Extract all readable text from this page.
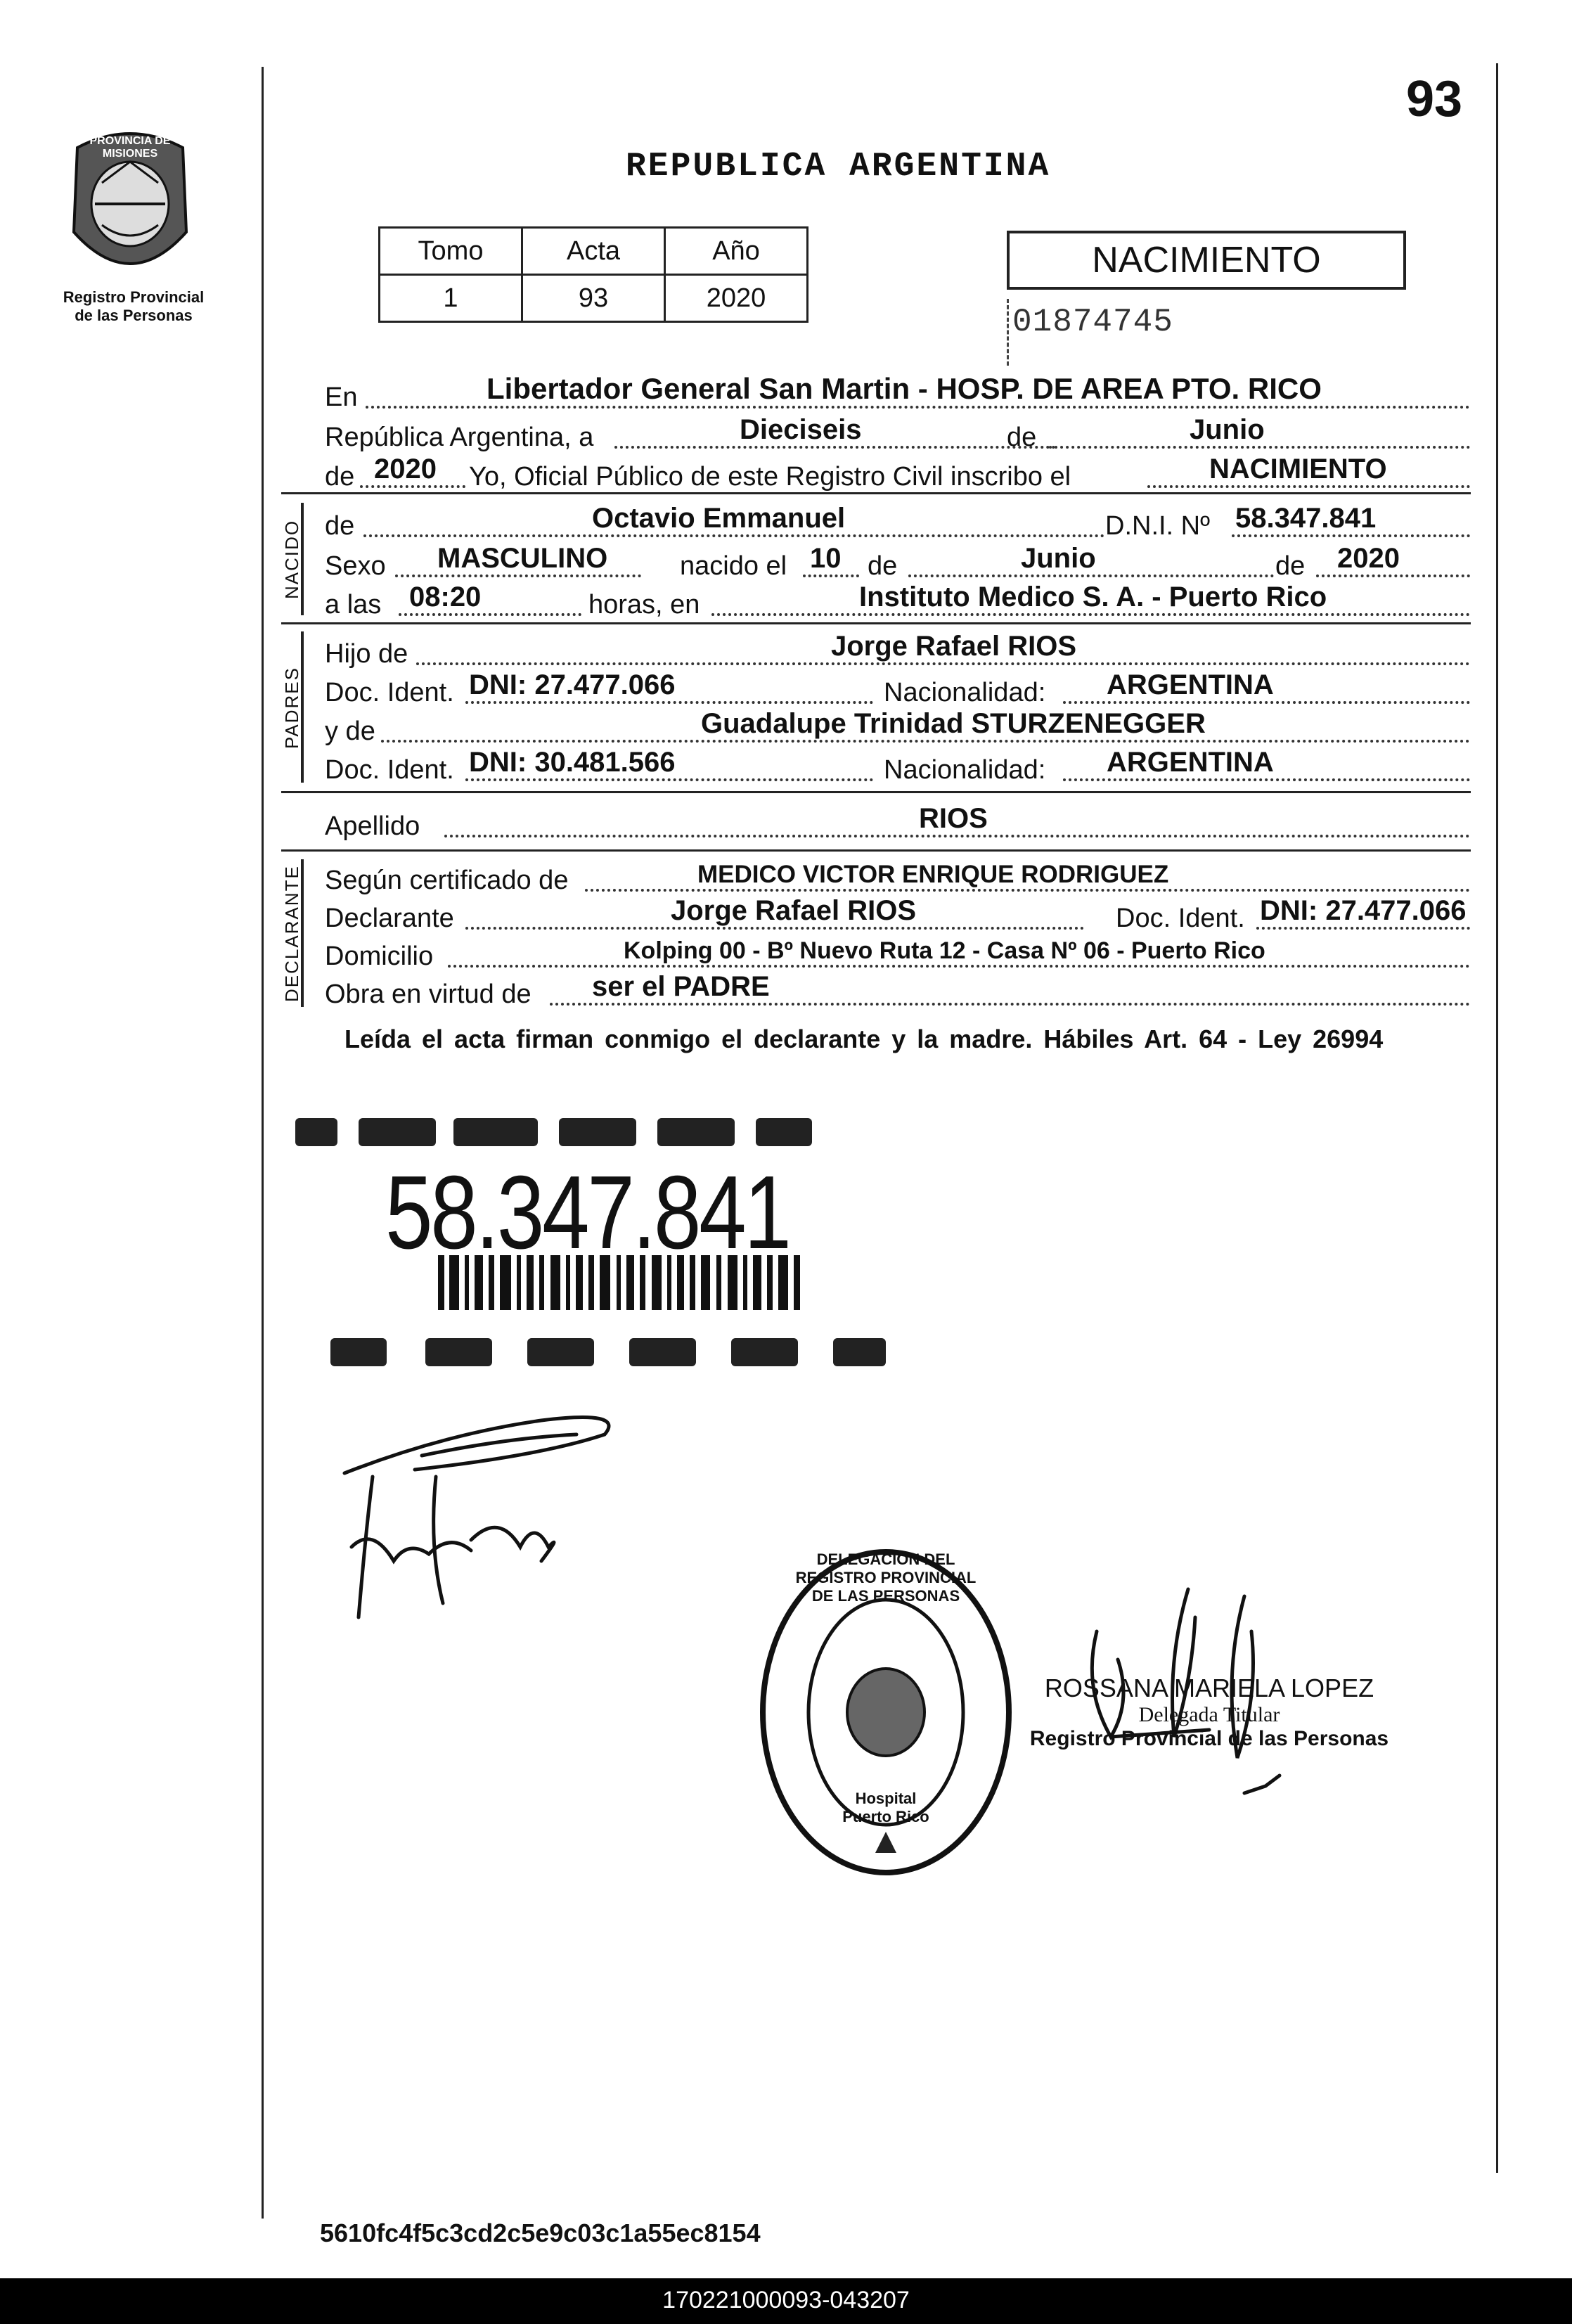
93
PROVINCIA DE MISIONES
Registro Provincial
de las Personas
REPUBLICA ARGENTINA
Tomo	Acta	Año
1	93	2020
NACIMIENTO
01874745
En	Libertador General San Martin - HOSP. DE AREA PTO. RICO
República Argentina, a	Dieciseis	de	Junio
de 2020 Yo, Oficial Público de este Registro Civil inscribo el	NACIMIENTO
NACIDO de	Octavio Emmanuel	D.N.I. Nº 58.347.841
Sexo MASCULINO	nacido el 10 de	Junio	de 2020
a las 08:20	horas, en	Instituto Medico S. A. - Puerto Rico
PADRES
Hijo de	Jorge Rafael RIOS
Doc. Ident. DNI: 27.477.066	Nacionalidad: ARGENTINA
y de	Guadalupe Trinidad STURZENEGGER
Doc. Ident. DNI: 30.481.566	Nacionalidad: ARGENTINA
Apellido	RIOS
DECLARANTE Según certificado de	MEDICO VICTOR ENRIQUE RODRIGUEZ
Declarante	Jorge Rafael RIOS	Doc. Ident. DNI: 27.477.066
Domicilio	Kolping 00 - Bº Nuevo Ruta 12 - Casa Nº 06 - Puerto Rico
Obra en virtud de ser el PADRE
Leída el acta firman conmigo el declarante y la madre. Hábiles Art. 64 - Ley 26994
58.347.841
DELEGACION DEL REGISTRO PROVINCIAL DE LAS PERSONAS
Hospital Puerto Rico
ROSSANA MARIELA LOPEZ
Delegada Titular
Registro Provincial de las Personas
5610fc4f5c3cd2c5e9c03c1a55ec8154
170221000093-043207
